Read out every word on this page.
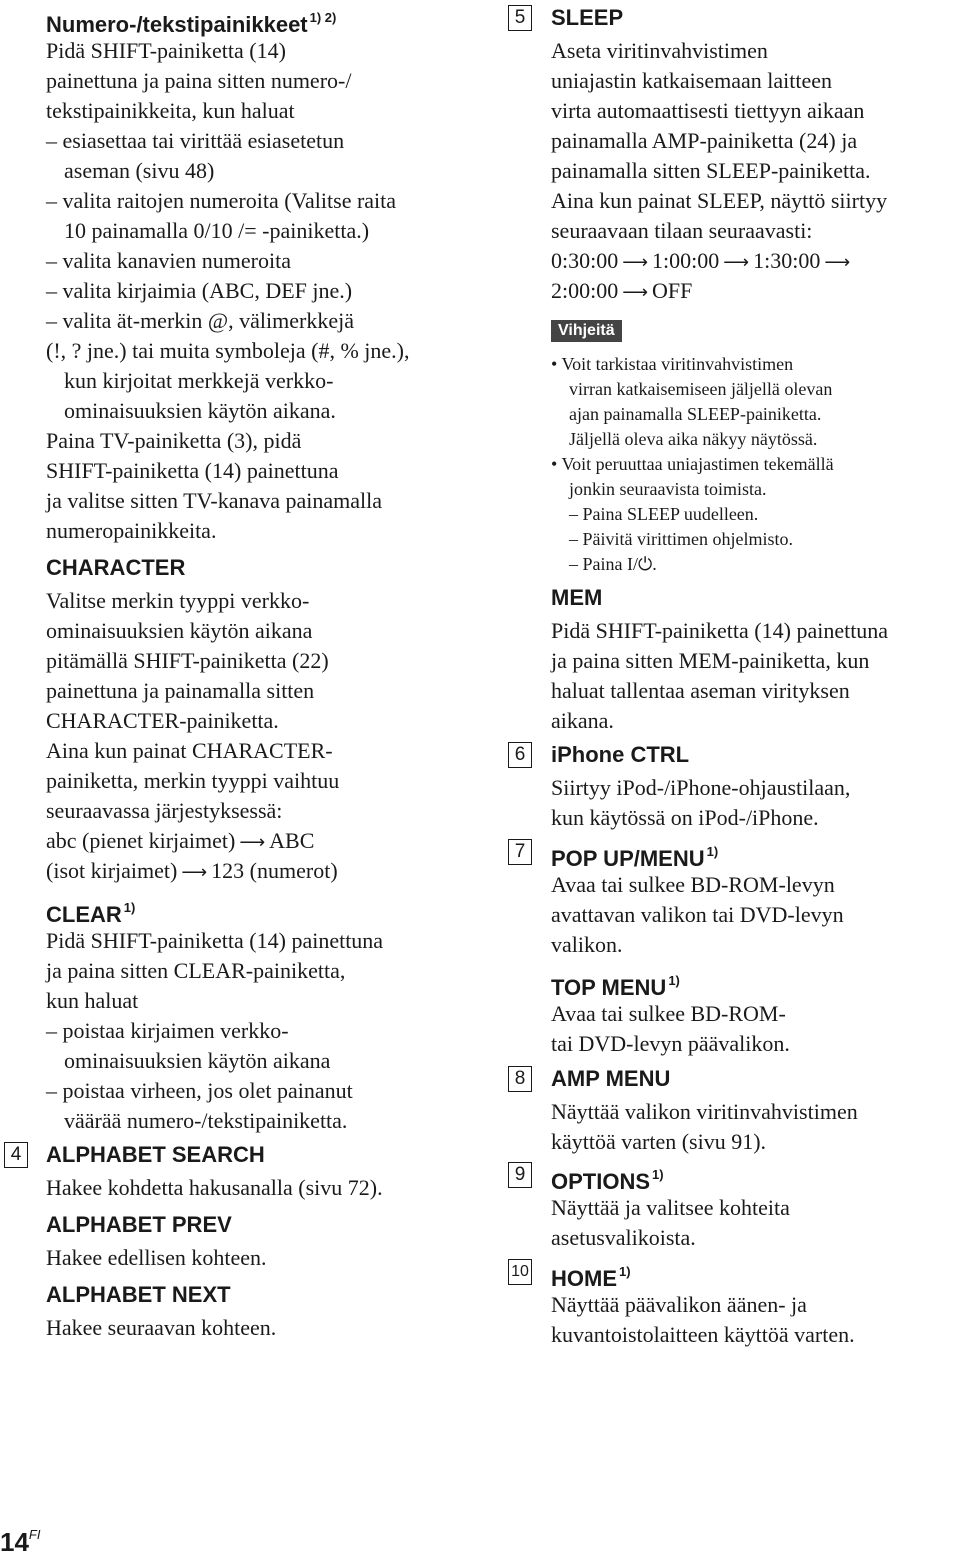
Numero-/tekstipainikkeet $^{1) 2)}$
Pidä SHIFT-painiketta (14)
painettuna ja paina sitten numero-/
tekstipainikkeita, kun haluat
– esiasettaa tai virittää esiasetetun
aseman (sivu 48)
– valita raitojen numeroita (Valitse raita
10 painamalla 0/10 /= -painiketta.)
– valita kanavien numeroita
– valita kirjaimia (ABC, DEF jne.)
– valita ät-merkin @, välimerkkejä
(!, ? jne.) tai muita symboleja (#, % jne.),
kun kirjoitat merkkejä verkko-
ominaisuuksien käytön aikana.
Paina TV-painiketta (3), pidä
SHIFT-painiketta (14) painettuna
ja valitse sitten TV-kanava painamalla
numeropainikkeita.
CHARACTER
Valitse merkin tyyppi verkko-
ominaisuuksien käytön aikana
pitämällä SHIFT-painiketta (22)
painettuna ja painamalla sitten
CHARACTER-painiketta.
Aina kun painat CHARACTER-
painiketta, merkin tyyppi vaihtuu
seuraavassa järjestyksessä:
abc (pienet kirjaimet) ⟶ ABC
(isot kirjaimet) ⟶ 123 (numerot)
CLEAR $^{1)}$
Pidä SHIFT-painiketta (14) painettuna
ja paina sitten CLEAR-painiketta,
kun haluat
– poistaa kirjaimen verkko-
ominaisuuksien käytön aikana
– poistaa virheen, jos olet painanut
väärää numero-/tekstipainiketta.
4	ALPHABET SEARCH
Hakee kohdetta hakusanalla (sivu 72).
ALPHABET PREV
Hakee edellisen kohteen.
ALPHABET NEXT
Hakee seuraavan kohteen.
5	SLEEP
Aseta viritinvahvistimen
uniajastin katkaisemaan laitteen
virta automaattisesti tiettyyn aikaan
painamalla AMP-painiketta (24) ja
painamalla sitten SLEEP-painiketta.
Aina kun painat SLEEP, näyttö siirtyy
seuraavaan tilaan seuraavasti:
0:30:00 ⟶ 1:00:00 ⟶ 1:30:00 ⟶
2:00:00 ⟶ OFF
Vihjeitä
• Voit tarkistaa viritinvahvistimen
virran katkaisemiseen jäljellä olevan
ajan painamalla SLEEP-painiketta.
Jäljellä oleva aika näkyy näytössä.
• Voit peruuttaa uniajastimen tekemällä
jonkin seuraavista toimista.
– Paina SLEEP uudelleen.
– Päivitä virittimen ohjelmisto.
– Paina I/⏻.
MEM
Pidä SHIFT-painiketta (14) painettuna
ja paina sitten MEM-painiketta, kun
haluat tallentaa aseman virityksen
aikana.
6	iPhone CTRL
Siirtyy iPod-/iPhone-ohjaustilaan,
kun käytössä on iPod-/iPhone.
7	POP UP/MENU $^{1)}$
Avaa tai sulkee BD-ROM-levyn
avattavan valikon tai DVD-levyn
valikon.
TOP MENU $^{1)}$
Avaa tai sulkee BD-ROM-
tai DVD-levyn päävalikon.
8	AMP MENU
Näyttää valikon viritinvahvistimen
käyttöä varten (sivu 91).
9	OPTIONS $^{1)}$
Näyttää ja valitsee kohteita
asetusvalikoista.
10 HOME $^{1)}$
Näyttää päävalikon äänen- ja
kuvantoistolaitteen käyttöä varten.
$14^{FI}$
